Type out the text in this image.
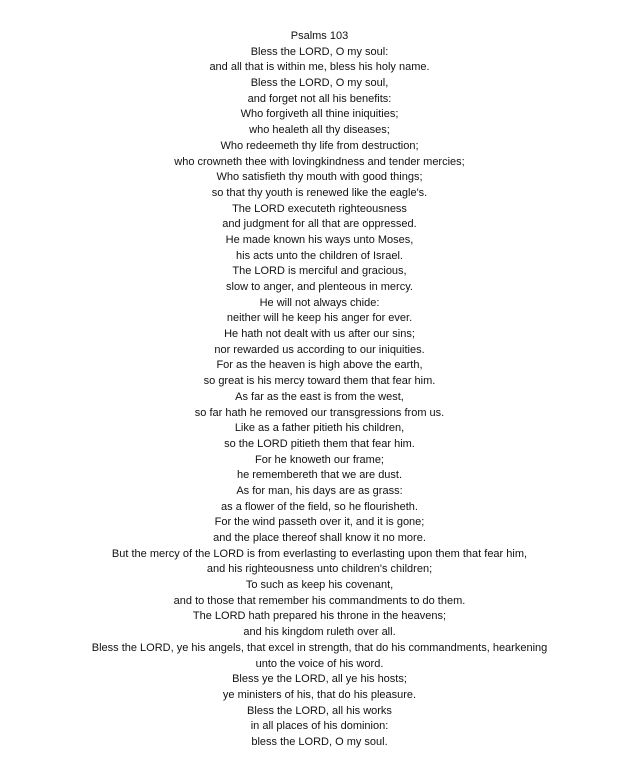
Psalms 103
Bless the LORD, O my soul:
and all that is within me, bless his holy name.
Bless the LORD, O my soul,
and forget not all his benefits:
Who forgiveth all thine iniquities;
who healeth all thy diseases;
Who redeemeth thy life from destruction;
who crowneth thee with lovingkindness and tender mercies;
Who satisfieth thy mouth with good things;
so that thy youth is renewed like the eagle's.
The LORD executeth righteousness
and judgment for all that are oppressed.
He made known his ways unto Moses,
his acts unto the children of Israel.
The LORD is merciful and gracious,
slow to anger, and plenteous in mercy.
He will not always chide:
neither will he keep his anger for ever.
He hath not dealt with us after our sins;
nor rewarded us according to our iniquities.
For as the heaven is high above the earth,
so great is his mercy toward them that fear him.
As far as the east is from the west,
so far hath he removed our transgressions from us.
Like as a father pitieth his children,
so the LORD pitieth them that fear him.
For he knoweth our frame;
he remembereth that we are dust.
As for man, his days are as grass:
as a flower of the field, so he flourisheth.
For the wind passeth over it, and it is gone;
and the place thereof shall know it no more.
But the mercy of the LORD is from everlasting to everlasting upon them that fear him,
and his righteousness unto children's children;
To such as keep his covenant,
and to those that remember his commandments to do them.
The LORD hath prepared his throne in the heavens;
and his kingdom ruleth over all.
Bless the LORD, ye his angels, that excel in strength, that do his commandments, hearkening
unto the voice of his word.
Bless ye the LORD, all ye his hosts;
ye ministers of his, that do his pleasure.
Bless the LORD, all his works
in all places of his dominion:
bless the LORD, O my soul.
